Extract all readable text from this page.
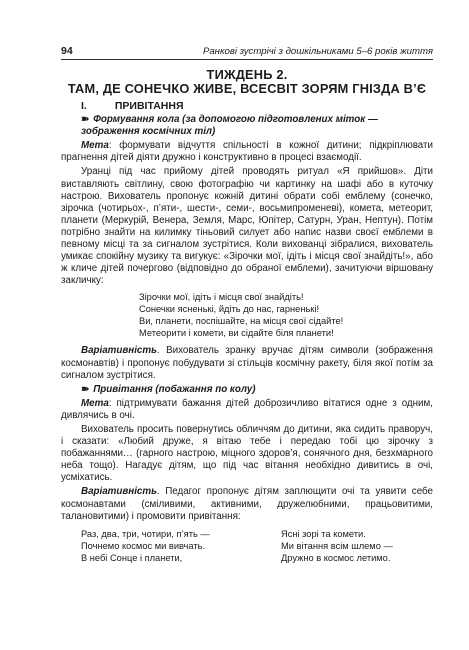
94	Ранкові зустрічі з дошкільниками 5–6 років життя
ТИЖДЕНЬ 2.
ТАМ, ДЕ СОНЕЧКО ЖИВЕ, ВСЕСВІТ ЗОРЯМ ГНІЗДА В’Є
I.	ПРИВІТАННЯ
➽ Формування кола (за допомогою підготовлених міток —
зображення космічних тіл)

Мета: формувати відчуття спільності в кожної дитини; підкріплювати прагнення дітей діяти дружно і конструктивно в процесі взаємодії.

Уранці під час прийому дітей проводять ритуал «Я прийшов». Діти виставляють світлину, свою фотографію чи картинку на шафі або в куточку настрою. Вихователь пропонує кожній дитині обрати собі емблему (сонечко, зірочка (чотирьох-, п’яти-, шести-, семи-, восьмипроменеві), комета, метеорит, планети (Меркурій, Венера, Земля, Марс, Юпітер, Сатурн, Уран, Нептун). Потім потрібно знайти на килимку тіньовий силует або напис назви своєї емблеми в певному місці та за сигналом зустрітися. Коли вихованці зібралися, вихователь умикає спокійну музику та вигукує: «Зірочки мої, ідіть і місця свої знайдіть!», або ж кличе дітей почергово (відповідно до обраної емблеми), зачитуючи віршовану закличку:

Зірочки мої, ідіть і місця свої знайдіть!
Сонечки ясненькі, йдіть до нас, гарненькі!
Ви, планети, поспішайте, на місця свої сідайте!
Метеорити і комети, ви сідайте біля планети!

Варіативність. Вихователь зранку вручає дітям символи (зображення космонавтів) і пропонує побудувати зі стільців космічну ракету, біля якої потім за сигналом зустрітися.

➽ Привітання (побажання по колу)

Мета: підтримувати бажання дітей доброзичливо вітатися одне з одним, дивлячись в очі.

Вихователь просить повернутись обличчям до дитини, яка сидить праворуч, і сказати: «Любий друже, я вітаю тебе і передаю тобі цю зірочку з побажаннями… (гарного настрою, міцного здоров’я, сонячного дня, безхмарного неба тощо). Нагадує дітям, що під час вітання необхідно дивитись в очі, усміхатись.

Варіативність. Педагог пропонує дітям заплющити очі та уявити себе космонавтами (сміливими, активними, дружелюбними, працьовитими, талановитими) і промовити привітання:

Раз, два, три, чотири, п’ять —
Почнемо космос ми вивчать.
В небі Сонце і планети,
Ясні зорі та комети.
Ми вітання всім шлемо —
Дружно в космос летимо.
